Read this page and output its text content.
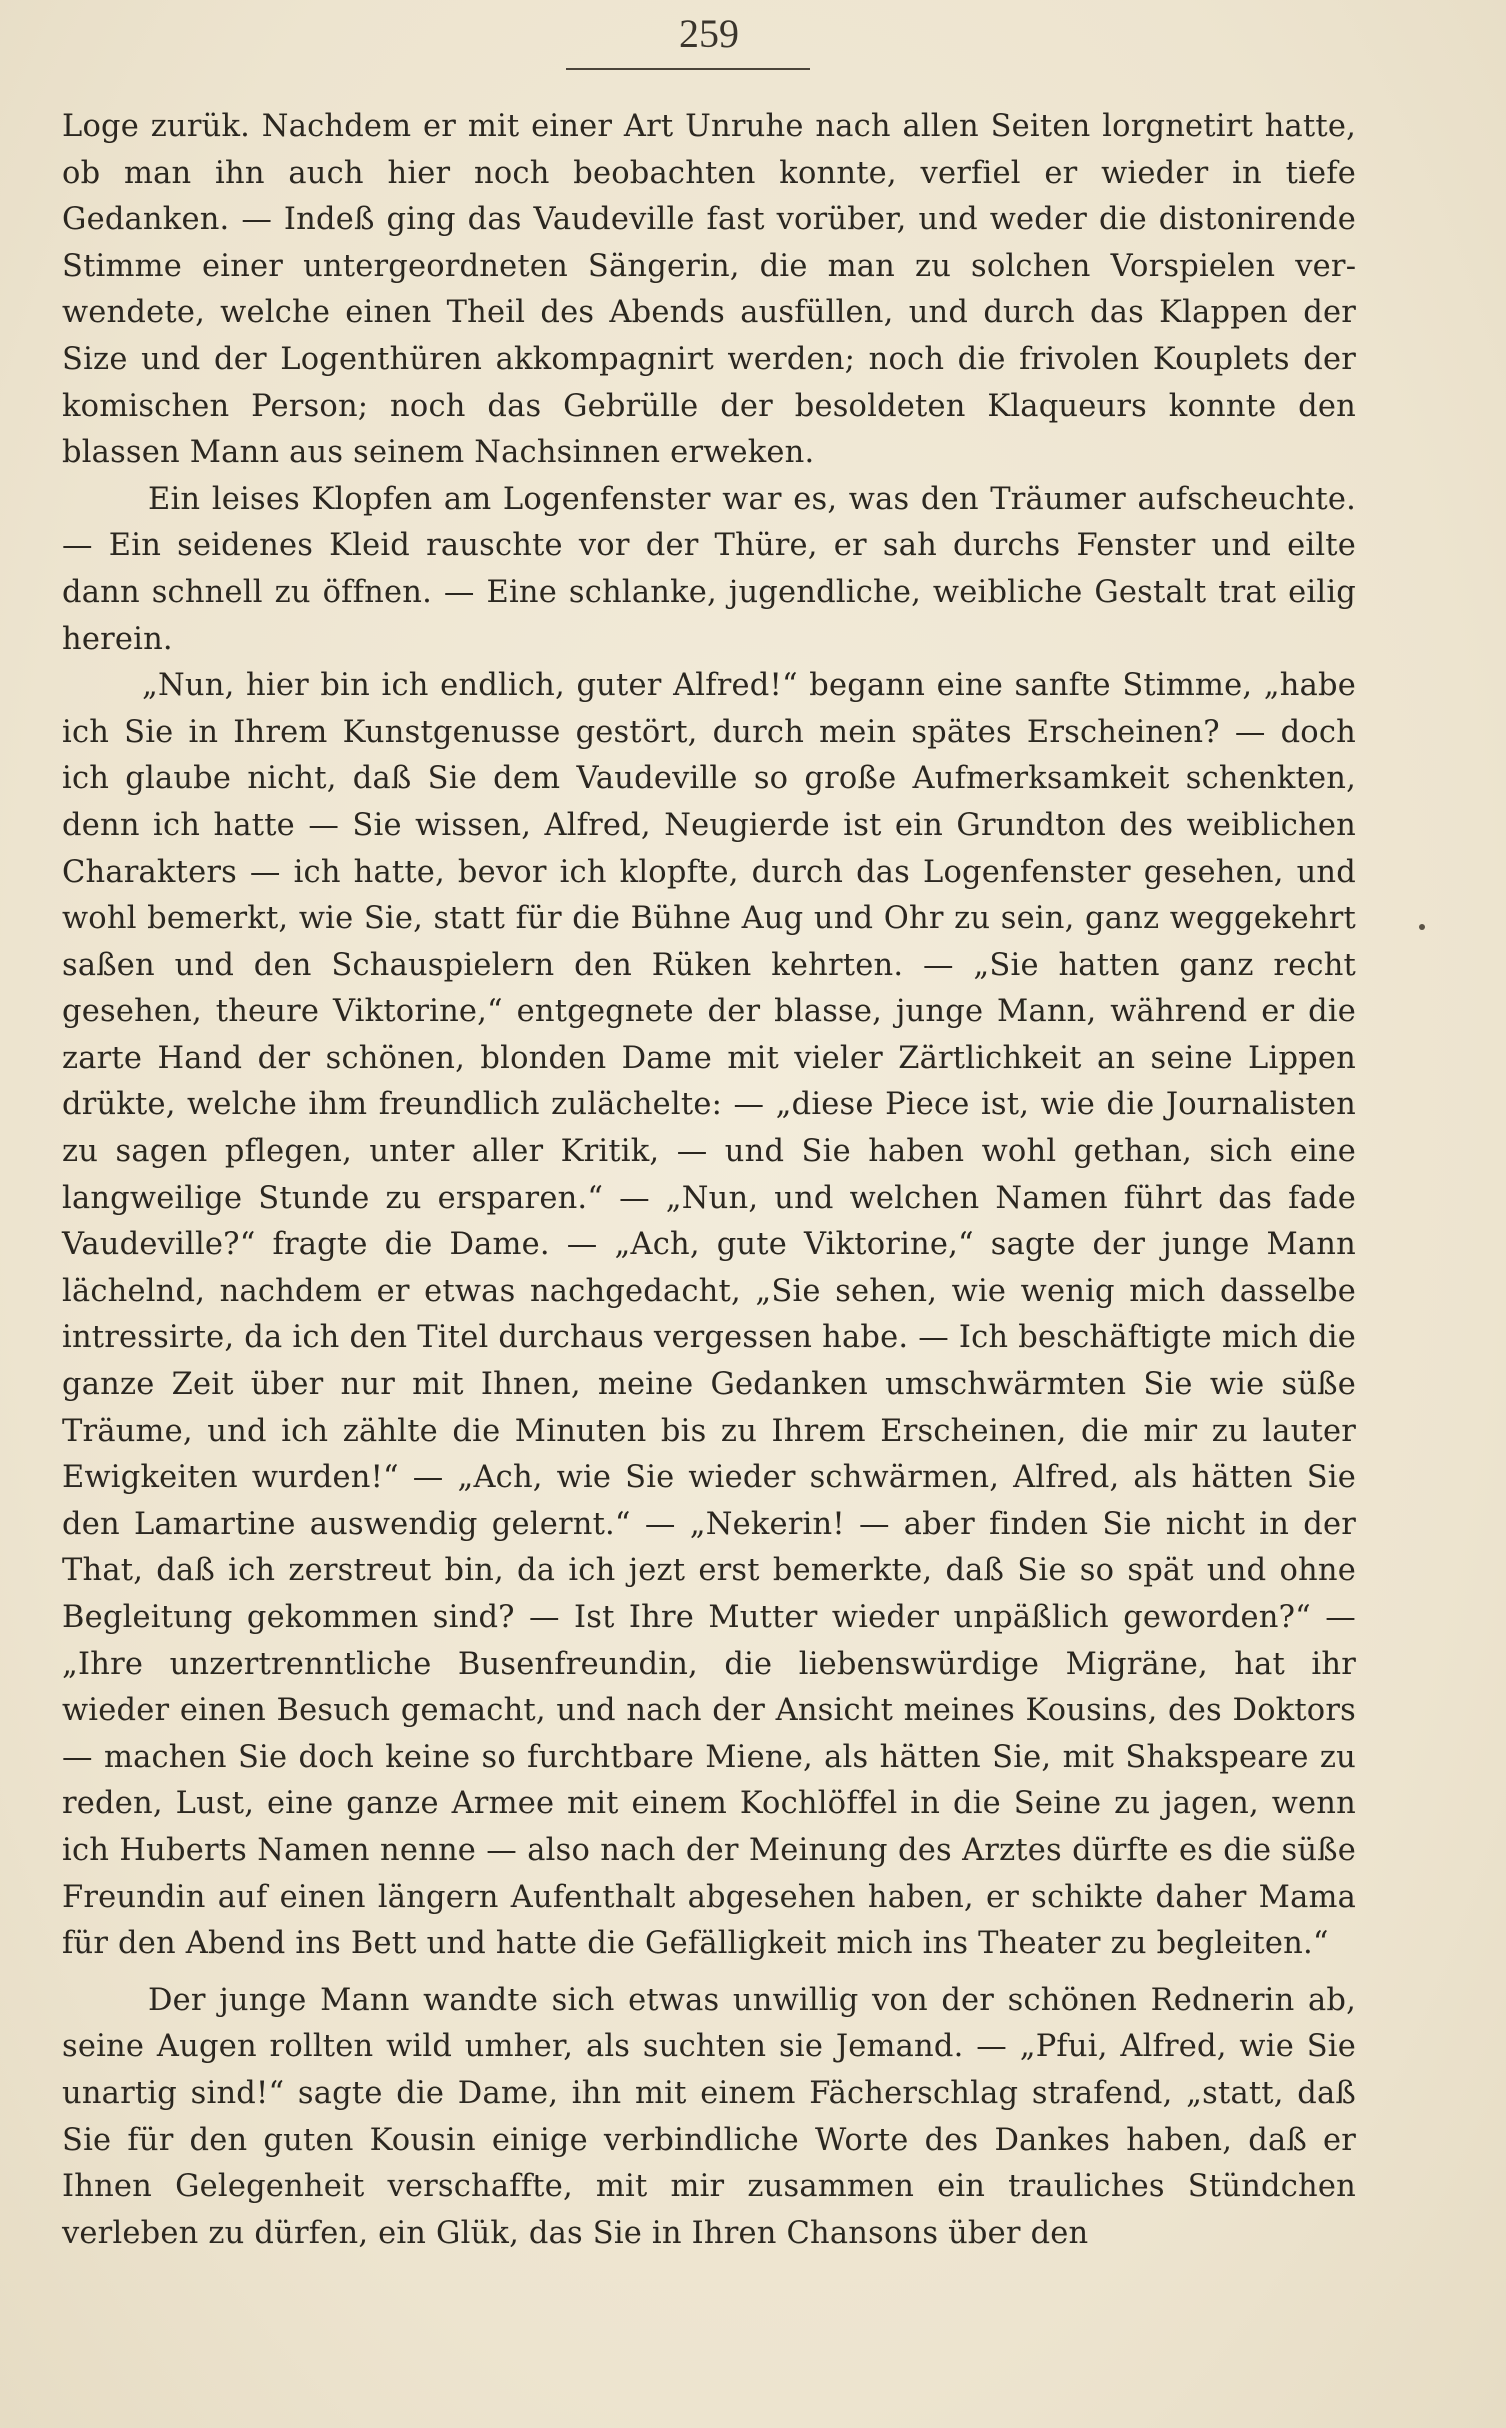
259

Loge zurük. Nachdem er mit einer Art Unruhe nach allen Seiten lorgnetirt hatte, ob man ihn auch hier noch beobachten konnte, verfiel er wieder in tiefe Gedanken. — Indeß ging das Vaudeville fast vorüber, und weder die distonirende Stimme einer untergeordneten Sängerin, die man zu solchen Vorspielen verwendete, welche einen Theil des Abends ausfüllen, und durch das Klappen der Size und der Logenthüren akkompagnirt werden; noch die frivolen Kouplets der komischen Person; noch das Gebrülle der besoldeten Klaqueurs konnte den blassen Mann aus seinem Nachsinnen erweken.

Ein leises Klopfen am Logenfenster war es, was den Träumer aufscheuchte. — Ein seidenes Kleid rauschte vor der Thüre, er sah durchs Fenster und eilte dann schnell zu öffnen. — Eine schlanke, jugendliche, weibliche Gestalt trat eilig herein.

„Nun, hier bin ich endlich, guter Alfred!“ begann eine sanfte Stimme, „habe ich Sie in Ihrem Kunstgenusse gestört, durch mein spätes Erscheinen? — doch ich glaube nicht, daß Sie dem Vaudeville so große Aufmerksamkeit schenkten, denn ich hatte — Sie wissen, Alfred, Neugierde ist ein Grundton des weiblichen Charakters — ich hatte, bevor ich klopfte, durch das Logenfenster gesehen, und wohl bemerkt, wie Sie, statt für die Bühne Aug und Ohr zu sein, ganz weggekehrt saßen und den Schauspielern den Rüken kehrten. — „Sie hatten ganz recht gesehen, theure Viktorine,“ entgegnete der blasse, junge Mann, während er die zarte Hand der schönen, blonden Dame mit vieler Zärtlichkeit an seine Lippen drükte, welche ihm freundlich zulächelte: — „diese Piece ist, wie die Journalisten zu sagen pflegen, unter aller Kritik, — und Sie haben wohl gethan, sich eine langweilige Stunde zu ersparen.“ — „Nun, und welchen Namen führt das fade Vaudeville?“ fragte die Dame. — „Ach, gute Viktorine,“ sagte der junge Mann lächelnd, nachdem er etwas nachgedacht, „Sie sehen, wie wenig mich dasselbe intressirte, da ich den Titel durchaus vergessen habe. — Ich beschäftigte mich die ganze Zeit über nur mit Ihnen, meine Gedanken umschwärmten Sie wie süße Träume, und ich zählte die Minuten bis zu Ihrem Erscheinen, die mir zu lauter Ewigkeiten wurden!“ — „Ach, wie Sie wieder schwärmen, Alfred, als hätten Sie den Lamartine auswendig gelernt.“ — „Nekerin! — aber finden Sie nicht in der That, daß ich zerstreut bin, da ich jezt erst bemerkte, daß Sie so spät und ohne Begleitung gekommen sind? — Ist Ihre Mutter wieder unpäßlich geworden?“ — „Ihre unzertrenntliche Busenfreundin, die liebenswürdige Migräne, hat ihr wieder einen Besuch gemacht, und nach der Ansicht meines Kousins, des Doktors — machen Sie doch keine so furchtbare Miene, als hätten Sie, mit Shakspeare zu reden, Lust, eine ganze Armee mit einem Kochlöffel in die Seine zu jagen, wenn ich Huberts Namen nenne — also nach der Meinung des Arztes dürfte es die süße Freundin auf einen längern Aufenthalt abgesehen haben, er schikte daher Mama für den Abend ins Bett und hatte die Gefälligkeit mich ins Theater zu begleiten.“

Der junge Mann wandte sich etwas unwillig von der schönen Rednerin ab, seine Augen rollten wild umher, als suchten sie Jemand. — „Pfui, Alfred, wie Sie unartig sind!“ sagte die Dame, ihn mit einem Fächerschlag strafend, „statt, daß Sie für den guten Kousin einige verbindliche Worte des Dankes haben, daß er Ihnen Gelegenheit verschaffte, mit mir zusammen ein trauliches Stündchen verleben zu dürfen, ein Glük, das Sie in Ihren Chansons über den
